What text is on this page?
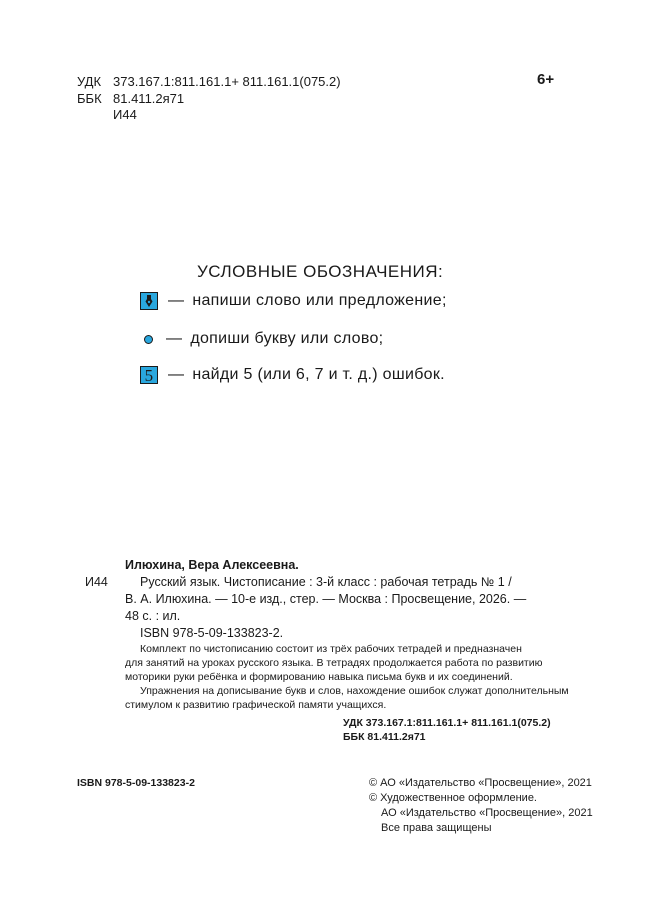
УДК 373.167.1:811.161.1+ 811.161.1(075.2)
ББК 81.411.2я71
И44
6+
УСЛОВНЫЕ ОБОЗНАЧЕНИЯ:
— напиши слово или предложение;
— допиши букву или слово;
5 — найди 5 (или 6, 7 и т. д.) ошибок.
Илюхина, Вера Алексеевна.
И44	Русский язык. Чистописание : 3-й класс : рабочая тетрадь № 1 /
В. А. Илюхина. — 10-е изд., стер. — Москва : Просвещение, 2026. —
48 с. : ил.
ISBN 978-5-09-133823-2.
Комплект по чистописанию состоит из трёх рабочих тетрадей и предназначен
для занятий на уроках русского языка. В тетрадях продолжается работа по развитию
моторики руки ребёнка и формированию навыка письма букв и их соединений.
Упражнения на дописывание букв и слов, нахождение ошибок служат дополнительным
стимулом к развитию графической памяти учащихся.
УДК 373.167.1:811.161.1+ 811.161.1(075.2)
ББК 81.411.2я71
ISBN 978-5-09-133823-2	© АО «Издательство «Просвещение», 2021
© Художественное оформление.
АО «Издательство «Просвещение», 2021
Все права защищены
